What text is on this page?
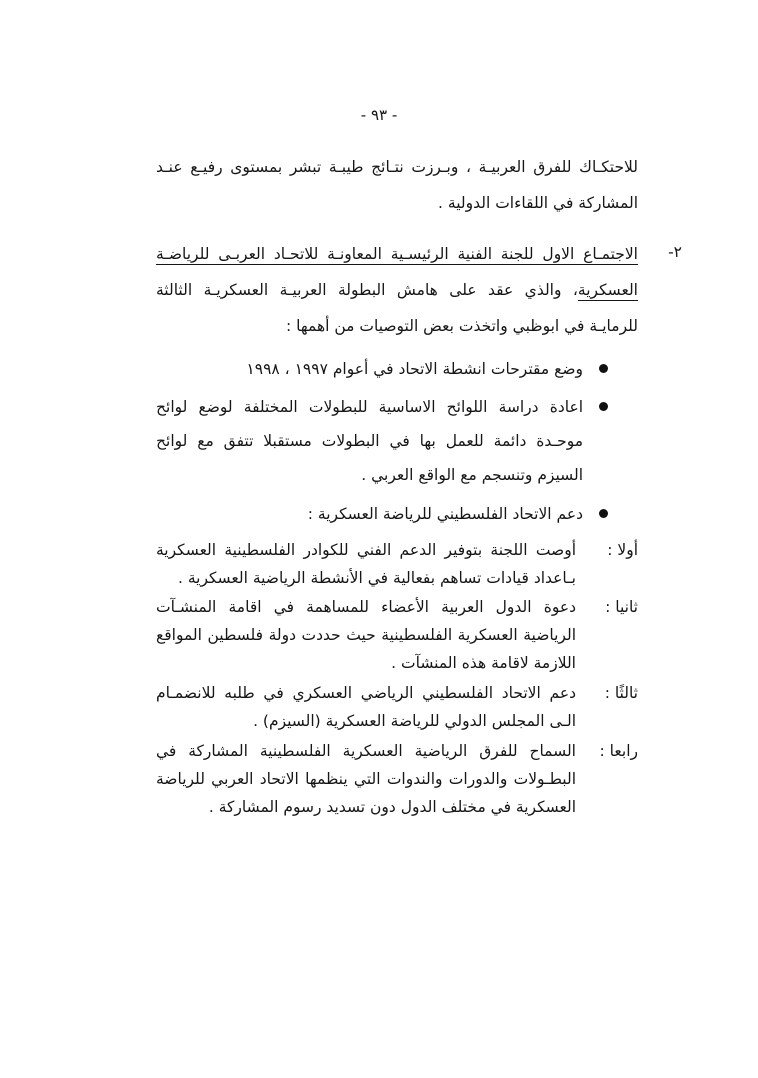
- ٩٣ -

للاحتكـاك للفرق العربيـة ، وبـرزت نتـائج طيبـة تبشر بمستوى رفيـع عنـد المشاركة في اللقاءات الدولية .

٢-

الاجتمـاع الاول للجنة الفنية الرئيسـية المعاونـة للاتحـاد العربـى للرياضـة العسكرية، والذي عقد على هامش البطولة العربيـة العسكريـة الثالثة للرمايـة في ابوظبي واتخذت بعض التوصيات من أهمها :

وضع مقترحات انشطة الاتحاد في أعوام ١٩٩٧ ، ١٩٩٨
اعادة دراسة اللوائح الاساسية للبطولات المختلفة لوضع لوائح موحـدة دائمة للعمل بها في البطولات مستقبلا تتفق مع لوائح السيزم وتنسجم مع الواقع العربي .
دعم الاتحاد الفلسطيني للرياضة العسكرية :
أولا :
أوصت اللجنة بتوفير الدعم الفني للكوادر الفلسطينية العسكرية بـاعداد قيادات تساهم بفعالية في الأنشطة الرياضية العسكرية .
ثانيا :
دعوة الدول العربية الأعضاء للمساهمة في اقامة المنشـآت الرياضية العسكرية الفلسطينية حيث حددت دولة فلسطين المواقع اللازمة لاقامة هذه المنشآت .
ثالثًا :
دعم الاتحاد الفلسطيني الرياضي العسكري في طلبه للانضمـام الـى المجلس الدولي للرياضة العسكرية (السيزم) .
رابعا :
السماح للفرق الرياضية العسكرية الفلسطينية المشاركة في البطـولات والدورات والندوات التي ينظمها الاتحاد العربي للرياضة العسكرية في مختلف الدول دون تسديد رسوم المشاركة .
